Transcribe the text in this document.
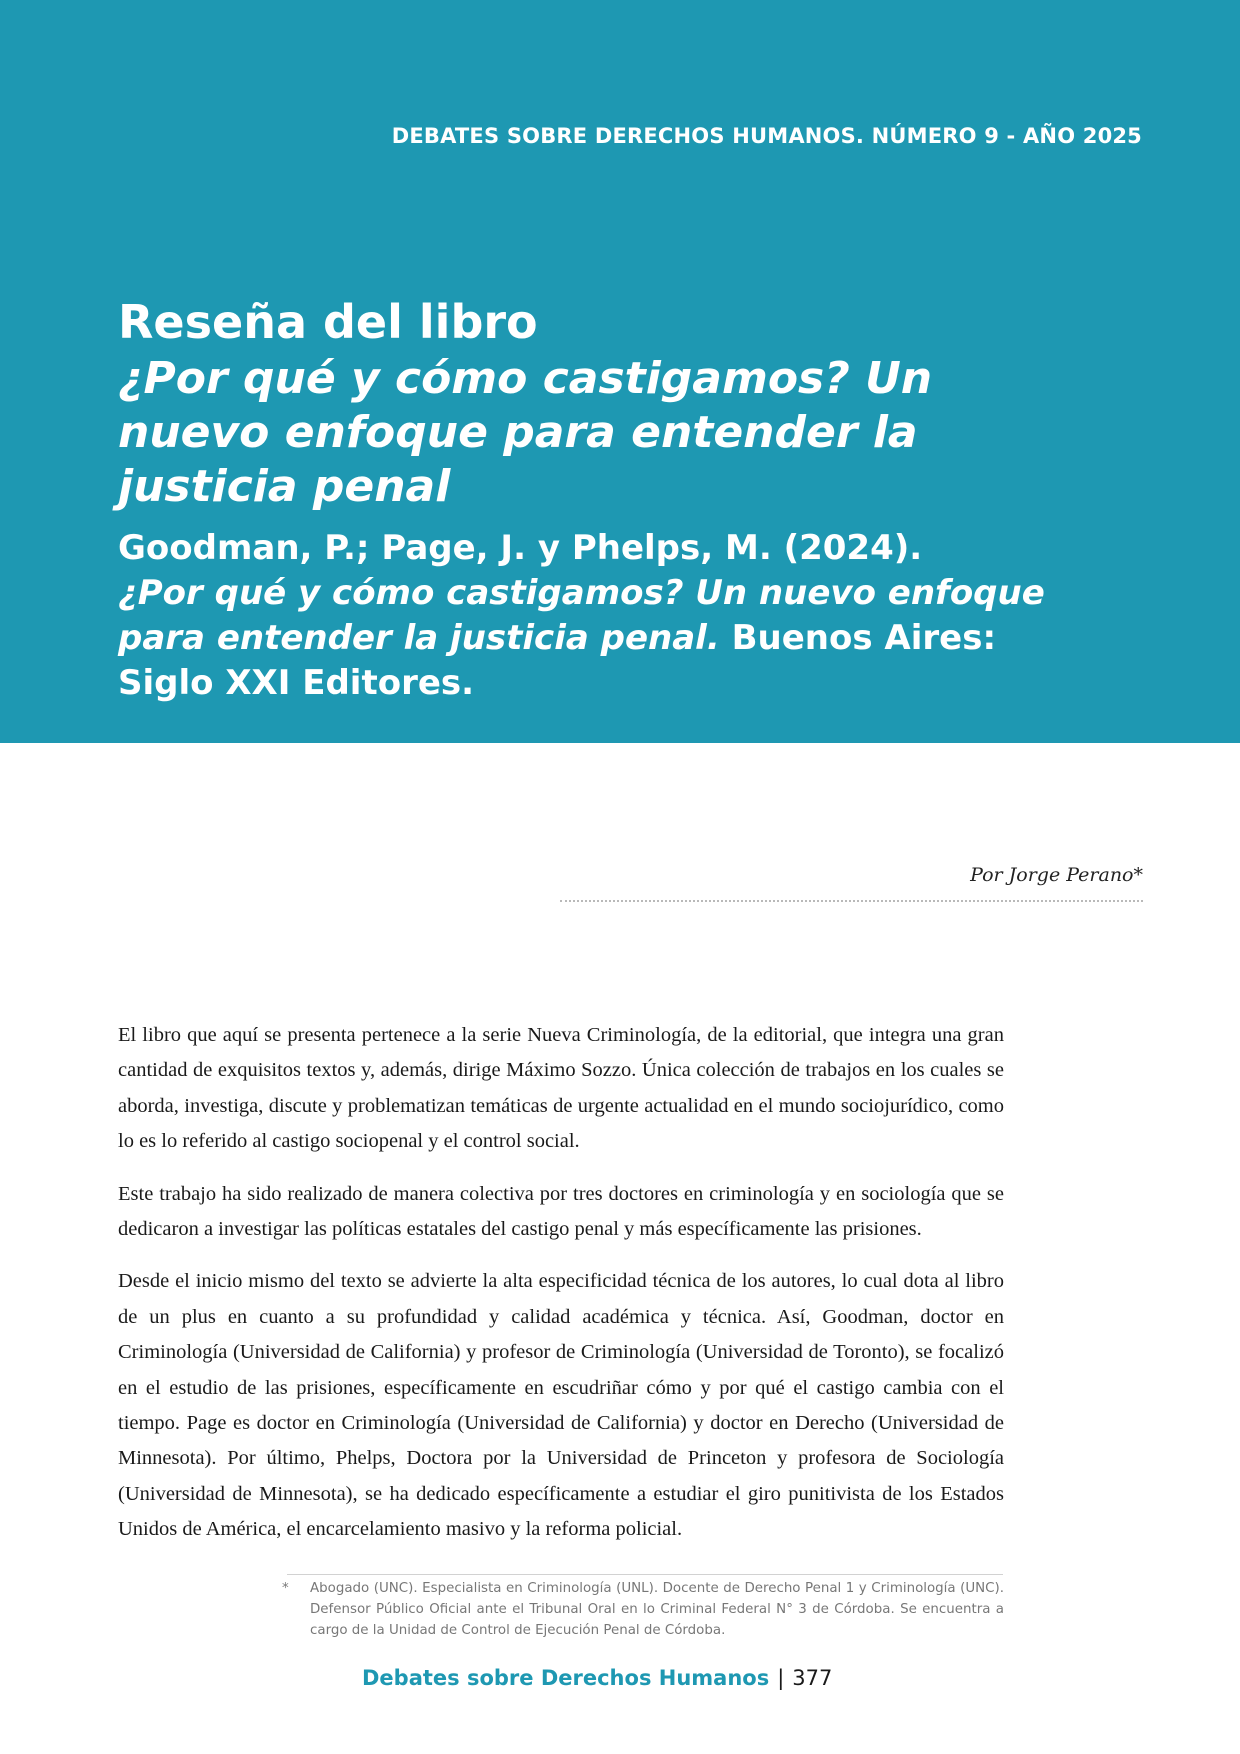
DEBATES SOBRE DERECHOS HUMANOS. NÚMERO 9 - AÑO 2025

Reseña del libro

¿Por qué y cómo castigamos? Un nuevo enfoque para entender la justicia penal

Goodman, P.; Page, J. y Phelps, M. (2024).
¿Por qué y cómo castigamos? Un nuevo enfoque para entender la justicia penal. Buenos Aires: Siglo XXI Editores.

Por Jorge Perano*

El libro que aquí se presenta pertenece a la serie Nueva Criminología, de la editorial, que integra una gran cantidad de exquisitos textos y, además, dirige Máximo Sozzo. Única colección de trabajos en los cuales se aborda, investiga, discute y problematizan temáticas de urgente actualidad en el mundo sociojurídico, como lo es lo referido al castigo sociopenal y el control social.

Este trabajo ha sido realizado de manera colectiva por tres doctores en criminología y en sociología que se dedicaron a investigar las políticas estatales del castigo penal y más específicamente las prisiones.

Desde el inicio mismo del texto se advierte la alta especificidad técnica de los autores, lo cual dota al libro de un plus en cuanto a su profundidad y calidad académica y técnica. Así, Goodman, doctor en Criminología (Universidad de California) y profesor de Criminología (Universidad de Toronto), se focalizó en el estudio de las prisiones, específicamente en escudriñar cómo y por qué el castigo cambia con el tiempo. Page es doctor en Criminología (Universidad de California) y doctor en Derecho (Universidad de Minnesota). Por último, Phelps, Doctora por la Universidad de Princeton y profesora de Sociología (Universidad de Minnesota), se ha dedicado específicamente a estudiar el giro punitivista de los Estados Unidos de América, el encarcelamiento masivo y la reforma policial.

* Abogado (UNC). Especialista en Criminología (UNL). Docente de Derecho Penal 1 y Criminología (UNC). Defensor Público Oficial ante el Tribunal Oral en lo Criminal Federal N° 3 de Córdoba. Se encuentra a cargo de la Unidad de Control de Ejecución Penal de Córdoba.
Debates sobre Derechos Humanos | 377
